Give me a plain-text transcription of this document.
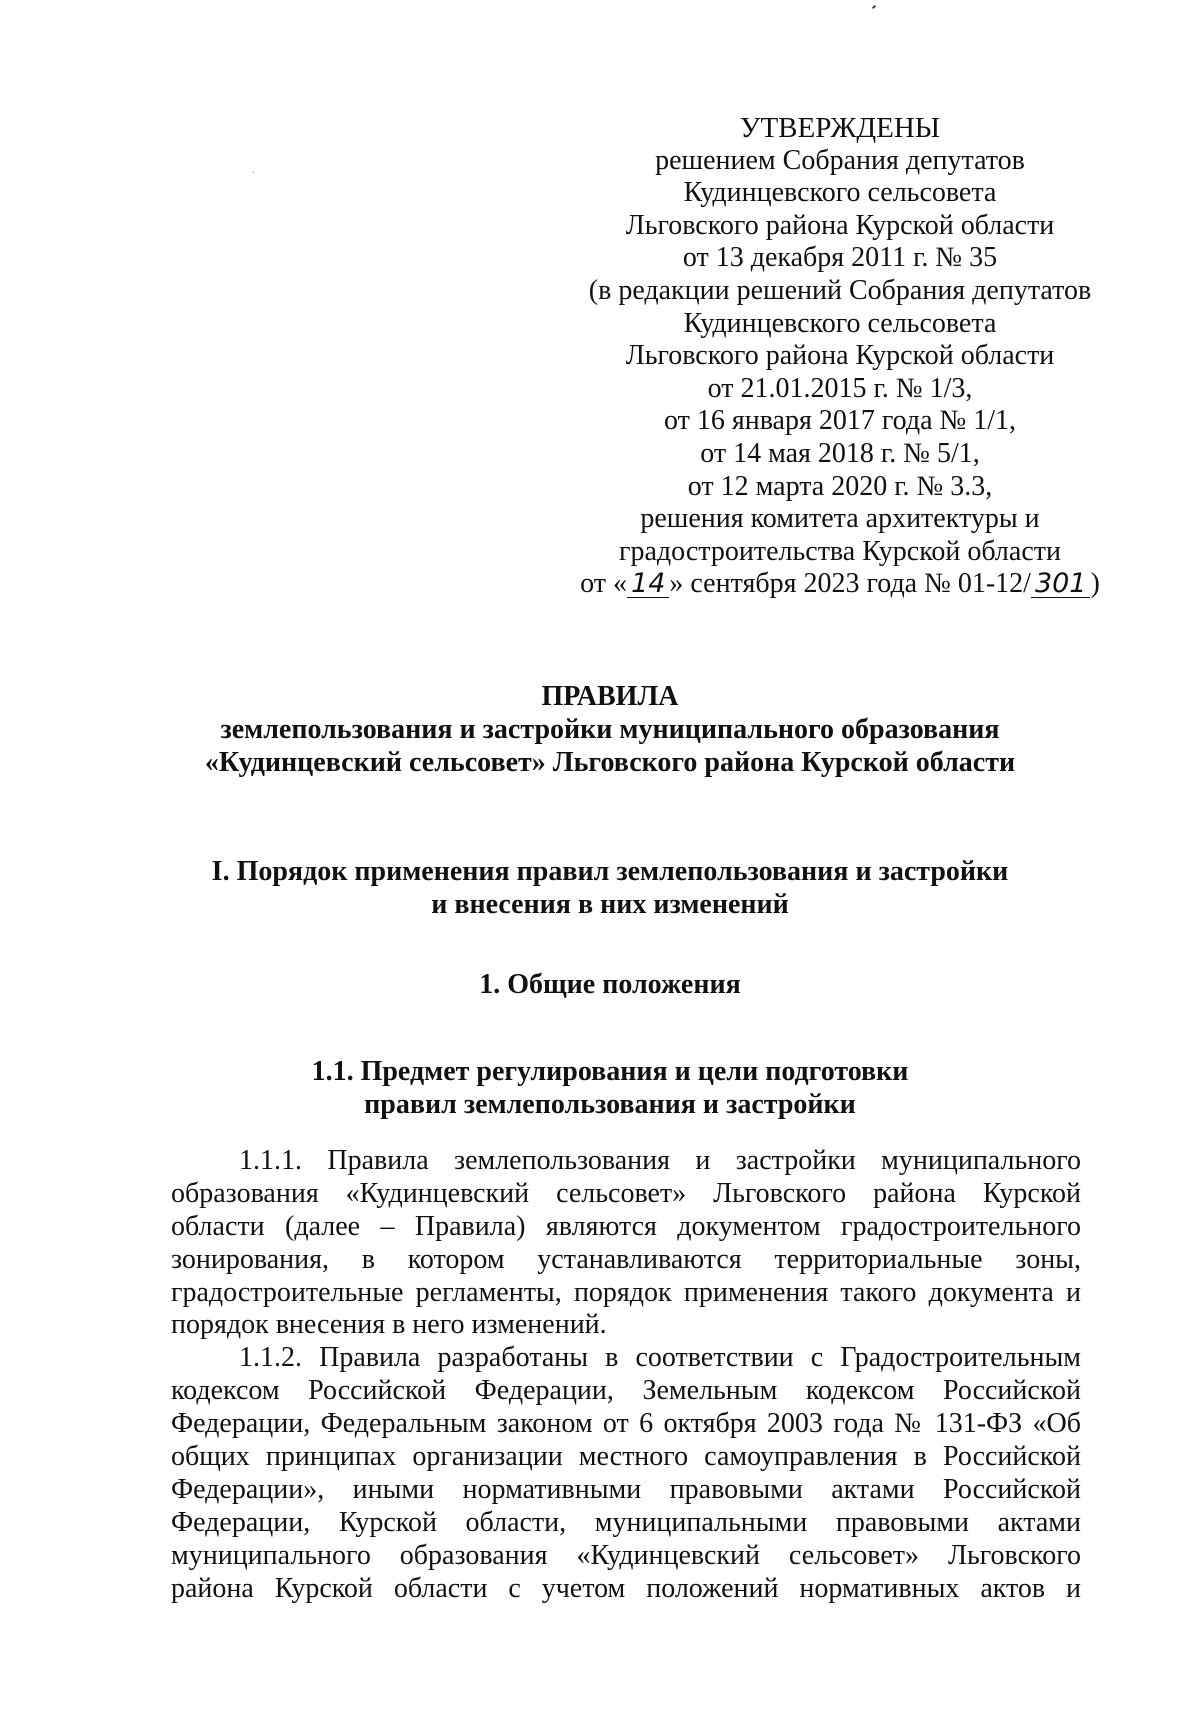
УТВЕРЖДЕНЫ
решением Собрания депутатов
Кудинцевского сельсовета
Льговского района Курской области
от 13 декабря 2011 г. № 35
(в редакции решений Собрания депутатов
Кудинцевского сельсовета
Льговского района Курской области
от 21.01.2015 г. № 1/3,
от 16 января 2017 года № 1/1,
от 14 мая 2018 г. № 5/1,
от 12 марта 2020 г. № 3.3,
решения комитета архитектуры и
градостроительства Курской области
от « 14 » сентября 2023 года № 01-12/ 301 )
ПРАВИЛА
землепользования и застройки муниципального образования
«Кудинцевский сельсовет» Льговского района Курской области
I. Порядок применения правил землепользования и застройки
и внесения в них изменений
1. Общие положения
1.1. Предмет регулирования и цели подготовки
правил землепользования и застройки

1.1.1. Правила землепользования и застройки муниципального
образования «Кудинцевский сельсовет» Льговского района Курской
области (далее – Правила) являются документом градостроительного
зонирования, в котором устанавливаются территориальные зоны,
градостроительные регламенты, порядок применения такого документа и
порядок внесения в него изменений.

1.1.2. Правила разработаны в соответствии с Градостроительным
кодексом Российской Федерации, Земельным кодексом Российской
Федерации, Федеральным законом от 6 октября 2003 года № 131-ФЗ «Об
общих принципах организации местного самоуправления в Российской
Федерации», иными нормативными правовыми актами Российской
Федерации, Курской области, муниципальными правовыми актами
муниципального образования «Кудинцевский сельсовет» Льговского
района Курской области с учетом положений нормативных актов и
